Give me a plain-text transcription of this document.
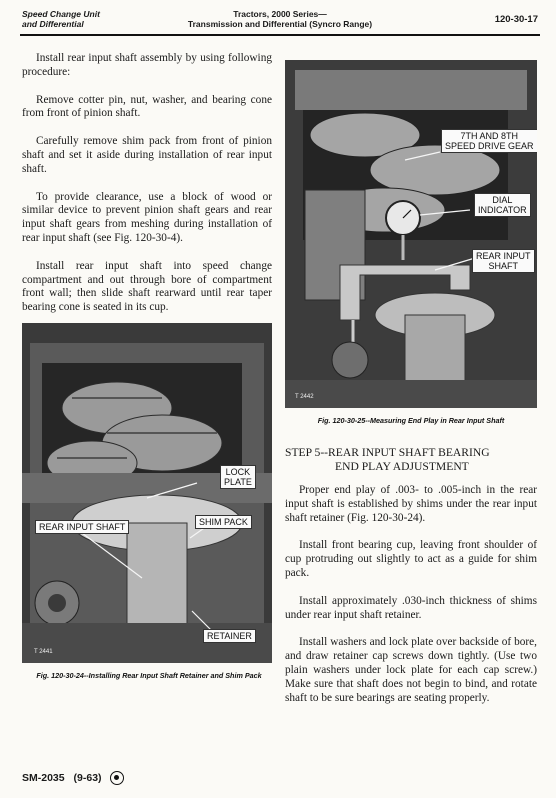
Speed Change Unit
and Differential
Tractors, 2000 Series—
Transmission and Differential (Syncro Range)	120-30-17

Install rear input shaft assembly by using following procedure:

Remove cotter pin, nut, washer, and bearing cone from front of pinion shaft.

Carefully remove shim pack from front of pinion shaft and set it aside during installation of rear input shaft.

To provide clearance, use a block of wood or similar device to prevent pinion shaft gears and rear input shaft gears from meshing during installation of rear input shaft (see Fig. 120-30-4).

Install rear input shaft into speed change compartment and out through bore of compartment front wall; then slide shaft rearward until rear taper bearing cone is seated in its cup.

T 2441
LOCK
PLATE
REAR INPUT SHAFT	SHIM PACK
RETAINER
Fig. 120-30-24--Installing Rear Input Shaft Retainer and Shim Pack
T 2442
7TH AND 8TH
SPEED DRIVE GEAR
DIAL
INDICATOR
REAR INPUT
SHAFT
Fig. 120-30-25--Measuring End Play in Rear Input Shaft
STEP 5--REAR INPUT SHAFT BEARING
END PLAY ADJUSTMENT

Proper end play of .003- to .005-inch in the rear input shaft is established by shims under the rear input shaft retainer (Fig. 120-30-24).

Install front bearing cup, leaving front shoulder of cup protruding out slightly to act as a guide for shim pack.

Install approximately .030-inch thickness of shims under rear input shaft retainer.

Install washers and lock plate over backside of bore, and draw retainer cap screws down tightly. (Use two plain washers under lock plate for each cap screw.) Make sure that shaft does not begin to bind, and rotate shaft to be sure bearings are seating properly.

SM-2035 (9-63)
